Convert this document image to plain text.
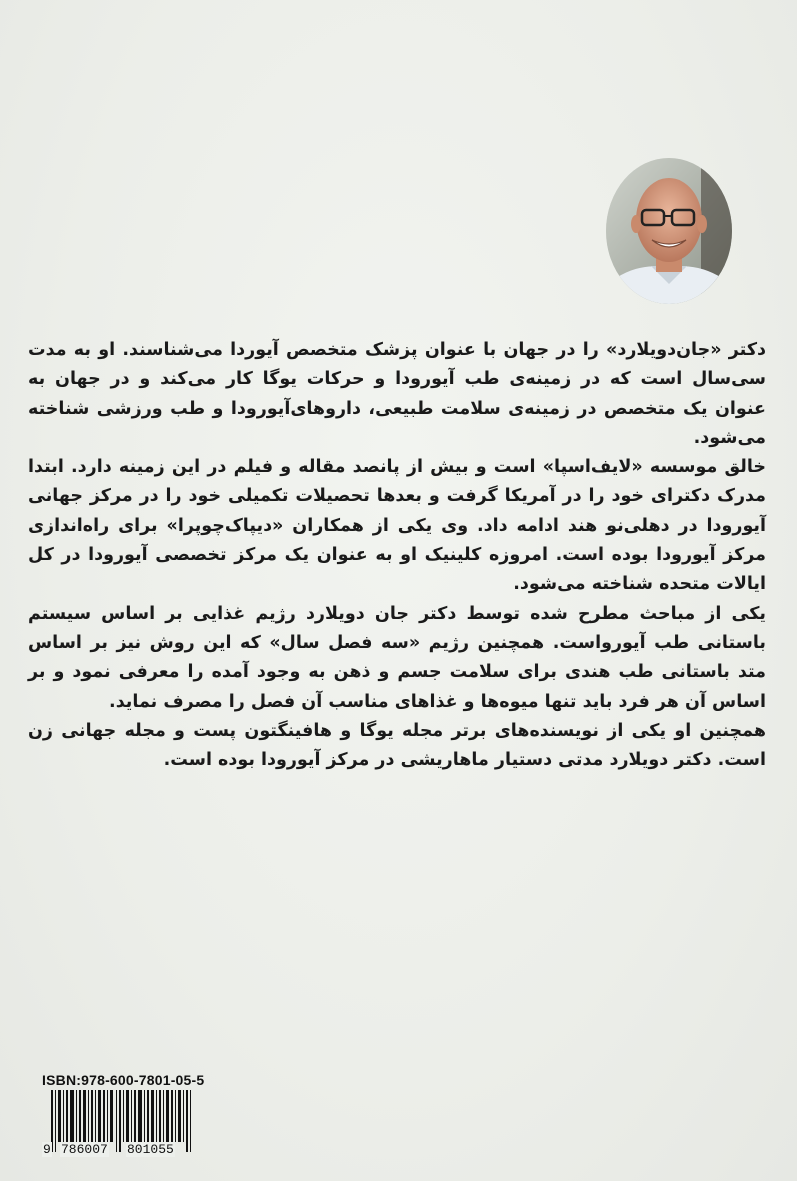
دکتر «جان‌دویلارد» را در جهان با عنوان پزشک متخصص آیوردا می‌شناسند. او به مدت سی‌سال است که در زمینه‌ی طب آیورودا و حرکات یوگا کار می‌کند و در جهان به عنوان یک متخصص در زمینه‌ی سلامت طبیعی، داروهای‌آیورودا و طب ورزشی شناخته می‌شود.

خالق موسسه «لایف‌اسپا» است و بیش از پانصد مقاله و فیلم در این زمینه دارد. ابتدا مدرک دکترای خود را در آمریکا گرفت و بعدها تحصیلات تکمیلی خود را در مرکز جهانی آیورودا در دهلی‌نو هند ادامه داد. وی یکی از همکاران «دیپاک‌چوپرا» برای راه‌اندازی مرکز آیورودا بوده است. امروزه کلینیک او به عنوان یک مرکز تخصصی آیورودا در کل ایالات متحده شناخته می‌شود.

یکی از مباحث مطرح شده توسط دکتر جان دویلارد رژیم غذایی بر اساس سیستم باستانی طب آیورواست. همچنین رژیم «سه فصل سال» که این روش نیز بر اساس متد باستانی طب هندی برای سلامت جسم و ذهن به وجود آمده را معرفی نمود و بر اساس آن هر فرد باید تنها میوه‌ها و غذاهای مناسب آن فصل را مصرف نماید.

همچنین او یکی از نویسنده‌های برتر مجله یوگا و هافینگتون پست و مجله جهانی زن است. دکتر دویلارد مدتی دستیار ماهاریشی در مرکز آیورودا بوده است.

ISBN:978-600-7801-05-5
9 786007 801055
